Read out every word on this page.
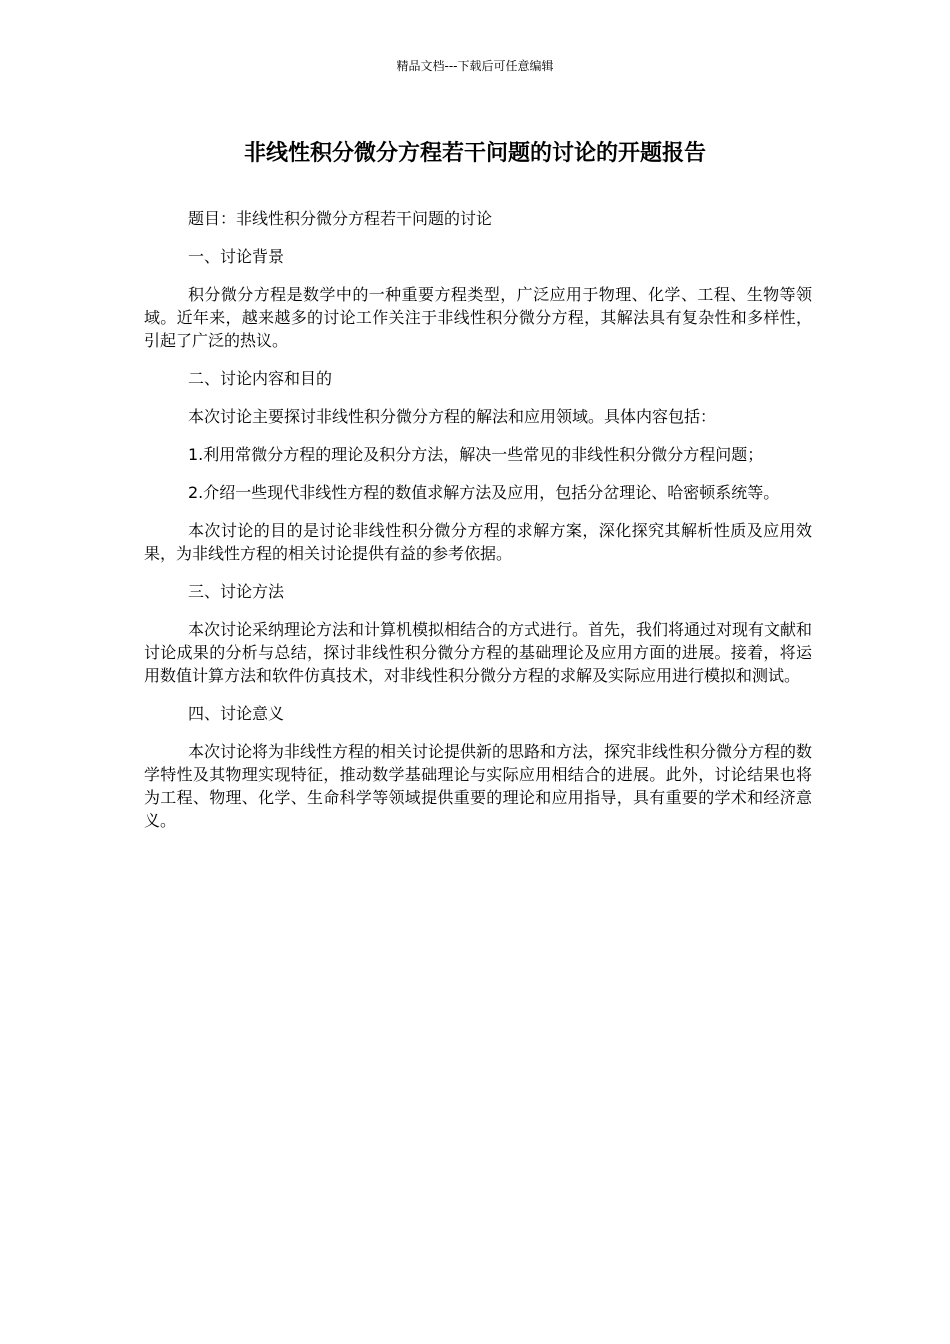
精品文档---下载后可任意编辑
非线性积分微分方程若干问题的讨论的开题报告

题目：非线性积分微分方程若干问题的讨论

一、讨论背景

积分微分方程是数学中的一种重要方程类型，广泛应用于物理、化学、工程、生物等领域。近年来，越来越多的讨论工作关注于非线性积分微分方程，其解法具有复杂性和多样性，引起了广泛的热议。

二、讨论内容和目的

本次讨论主要探讨非线性积分微分方程的解法和应用领域。具体内容包括：

1.利用常微分方程的理论及积分方法，解决一些常见的非线性积分微分方程问题；

2.介绍一些现代非线性方程的数值求解方法及应用，包括分岔理论、哈密顿系统等。

本次讨论的目的是讨论非线性积分微分方程的求解方案，深化探究其解析性质及应用效果，为非线性方程的相关讨论提供有益的参考依据。

三、讨论方法

本次讨论采纳理论方法和计算机模拟相结合的方式进行。首先，我们将通过对现有文献和讨论成果的分析与总结，探讨非线性积分微分方程的基础理论及应用方面的进展。接着，将运用数值计算方法和软件仿真技术，对非线性积分微分方程的求解及实际应用进行模拟和测试。

四、讨论意义

本次讨论将为非线性方程的相关讨论提供新的思路和方法，探究非线性积分微分方程的数学特性及其物理实现特征，推动数学基础理论与实际应用相结合的进展。此外，讨论结果也将为工程、物理、化学、生命科学等领域提供重要的理论和应用指导，具有重要的学术和经济意义。
